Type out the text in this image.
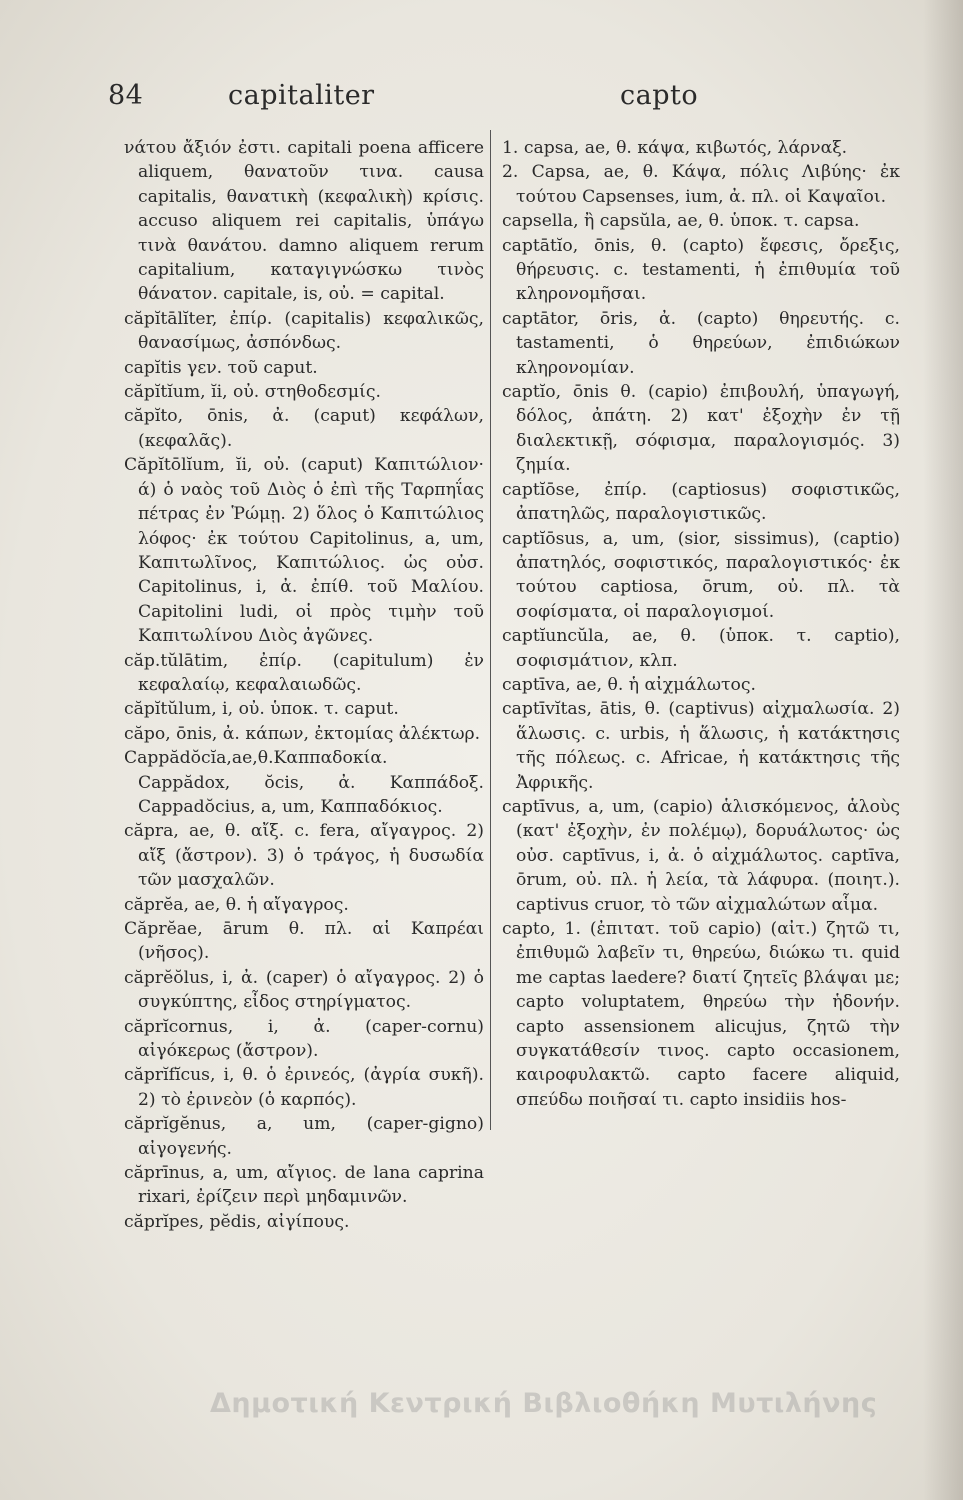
84	capitaliter	capto

νάτου ἄξιόν ἐστι. capitali poena afficere aliquem, θανατοῦν τινα. causa capitalis, θανατικὴ (κεφαλικὴ) κρίσις. accuso aliquem rei capitalis, ὑπάγω τινὰ θανάτου. damno aliquem rerum capitalium, καταγιγνώσκω τινὸς θάνατον. capitale, is, οὐ. = capital.

căpĭtālĭter, ἐπίρ. (capitalis) κεφαλικῶς, θανασίμως, ἀσπόνδως.

capĭtis γεν. τοῦ caput.

căpĭtĭum, ĭi, οὐ. στηθοδεσμίς.

căpĭto, ōnis, ἀ. (caput) κεφάλων, (κεφαλᾶς).

Căpĭtōlĭum, ĭi, οὐ. (caput) Καπιτώλιον· ά) ὁ ναὸς τοῦ Διὸς ὁ ἐπὶ τῆς Ταρπηΐας πέτρας ἐν Ῥώμῃ. 2) ὅλος ὁ Καπιτώλιος λόφος· ἐκ τούτου Capitolinus, a, um, Καπιτωλῖνος, Καπιτώλιος. ὡς οὐσ. Capitolinus, i, ἀ. ἐπίθ. τοῦ Μαλίου. Capitolini ludi, οἱ πρὸς τιμὴν τοῦ Καπιτωλίνου Διὸς ἀγῶνες.

căp.tŭlātim, ἐπίρ. (capitulum) ἐν κεφαλαίῳ, κεφαλαιωδῶς.

căpĭtŭlum, i, οὐ. ὑποκ. τ. caput.

căpo, ōnis, ἀ. κάπων, ἐκτομίας ἀλέκτωρ.

Cappădŏcĭa,ae,θ.Καππαδοκία. Cappădox, ŏcis, ἀ. Καππάδοξ. Cappadŏcius, a, um, Καππαδόκιος.

căpra, ae, θ. αἴξ. c. fera, αἴγαγρος. 2) αἴξ (ἄστρον). 3) ὁ τράγος, ἡ δυσωδία τῶν μασχαλῶν.

căprĕa, ae, θ. ἡ αἴγαγρος.

Căprĕae, ārum θ. πλ. αἱ Καπρέαι (νῆσος).

căprĕŏlus, i, ἀ. (caper) ὁ αἴγαγρος. 2) ὁ συγκύπτης, εἶδος στηρίγματος.

căprĭcornus, i, ἀ. (caper-cornu) αἰγόκερως (ἄστρον).

căprĭfĭcus, i, θ. ὁ ἐρινεός, (ἀγρία συκῆ). 2) τὸ ἐρινεὸν (ὁ καρπός).

căprĭgĕnus, a, um, (caper-gigno) αἰγογενής.

căprīnus, a, um, αἴγιος. de lana caprina rixari, ἐρίζειν περὶ μηδαμινῶν.

căprĭpes, pĕdis, αἰγίπους.

1. capsa, ae, θ. κάψα, κιβωτός, λάρναξ.

2. Capsa, ae, θ. Κάψα, πόλις Λιβύης· ἐκ τούτου Capsenses, ium, ἀ. πλ. οἱ Καψαῖοι.

capsella, ἢ capsŭla, ae, θ. ὑποκ. τ. capsa.

captātĭo, ōnis, θ. (capto) ἔφεσις, ὄρεξις, θήρευσις. c. testamenti, ἡ ἐπιθυμία τοῦ κληρονομῆσαι.

captātor, ōris, ἀ. (capto) θηρευτής. c. tastamenti, ὁ θηρεύων, ἐπιδιώκων κληρονομίαν.

captĭo, ōnis θ. (capio) ἐπιβουλή, ὑπαγωγή, δόλος, ἀπάτη. 2) κατ' ἐξοχὴν ἐν τῇ διαλεκτικῇ, σόφισμα, παραλογισμός. 3) ζημία.

captĭōse, ἐπίρ. (captiosus) σοφιστικῶς, ἀπατηλῶς, παραλογιστικῶς.

captĭōsus, a, um, (sior, sissimus), (captio) ἀπατηλός, σοφιστικός, παραλογιστικός· ἐκ τούτου captiosa, ōrum, οὐ. πλ. τὰ σοφίσματα, οἱ παραλογισμοί.

captĭuncŭla, ae, θ. (ὑποκ. τ. captio), σοφισμάτιον, κλπ.

captīva, ae, θ. ἡ αἰχμάλωτος.

captīvĭtas, ātis, θ. (captivus) αἰχμαλωσία. 2) ἅλωσις. c. urbis, ἡ ἅλωσις, ἡ κατάκτησις τῆς πόλεως. c. Africae, ἡ κατάκτησις τῆς Ἀφρικῆς.

captīvus, a, um, (capio) ἁλισκόμενος, ἁλοὺς (κατ' ἐξοχὴν, ἐν πολέμῳ), δορυάλωτος· ὡς οὐσ. captīvus, i, ἀ. ὁ αἰχμάλωτος. captīva, ōrum, οὐ. πλ. ἡ λεία, τὰ λάφυρα. (ποιητ.). captivus cruor, τὸ τῶν αἰχμαλώτων αἷμα.

capto, 1. (ἐπιτατ. τοῦ capio) (αἰτ.) ζητῶ τι, ἐπιθυμῶ λαβεῖν τι, θηρεύω, διώκω τι. quid me captas laedere? διατί ζητεῖς βλάψαι με; capto voluptatem, θηρεύω τὴν ἡδονήν. capto assensionem alicujus, ζητῶ τὴν συγκατάθεσίν τινος. capto occasionem, καιροφυλακτῶ. capto facere aliquid, σπεύδω ποιῆσαί τι. capto insidiis hos-

Δημοτική Κεντρική Βιβλιοθήκη Μυτιλήνης
